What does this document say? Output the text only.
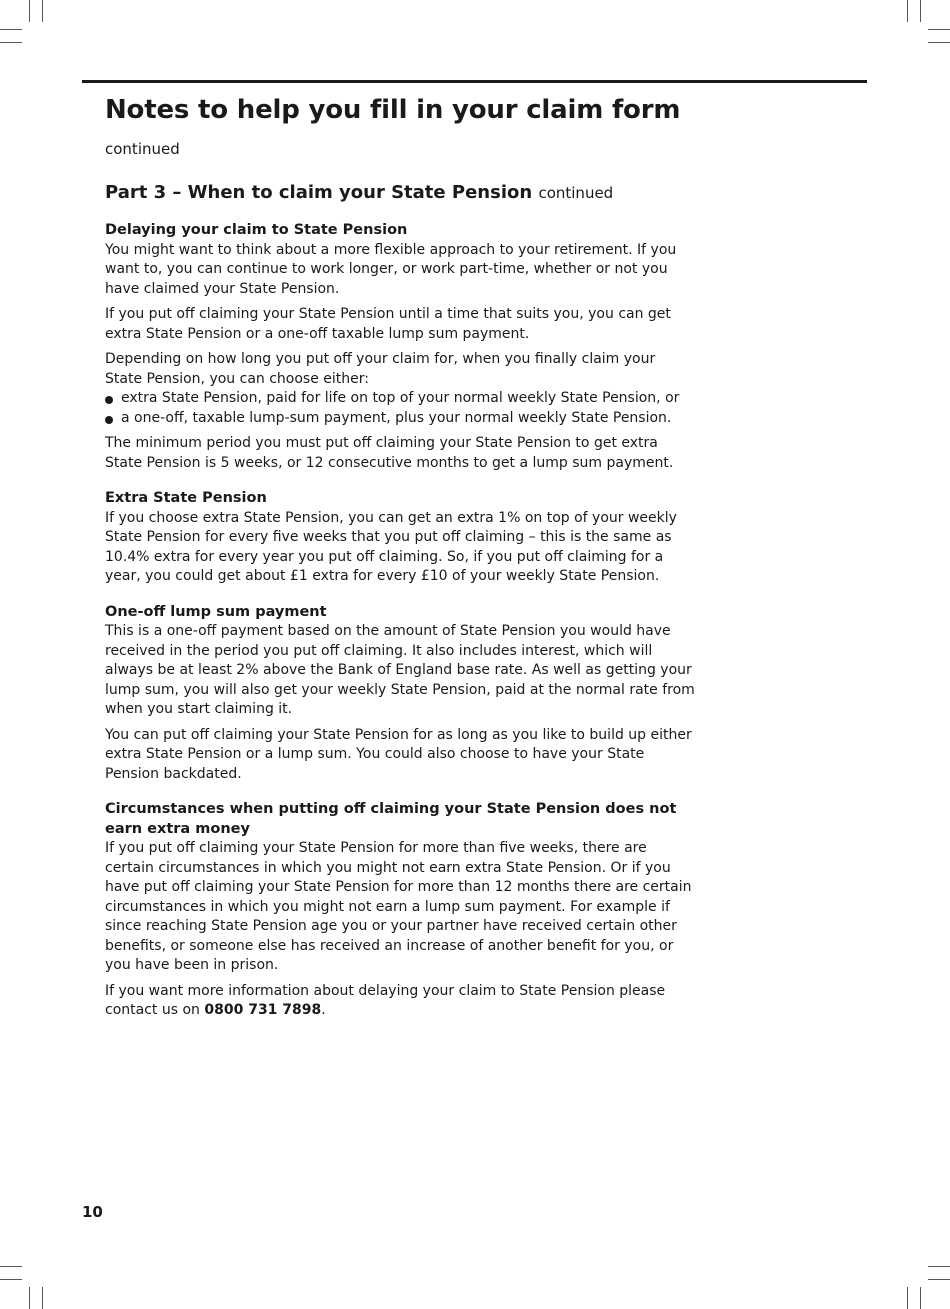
Notes to help you fill in your claim form continued
Part 3 – When to claim your State Pension continued
Delaying your claim to State Pension

You might want to think about a more flexible approach to your retirement. If you want to, you can continue to work longer, or work part-time, whether or not you have claimed your State Pension.

If you put off claiming your State Pension until a time that suits you, you can get extra State Pension or a one-off taxable lump sum payment.

Depending on how long you put off your claim for, when you finally claim your State Pension, you can choose either:

extra State Pension, paid for life on top of your normal weekly State Pension, or
a one-off, taxable lump-sum payment, plus your normal weekly State Pension.

The minimum period you must put off claiming your State Pension to get extra State Pension is 5 weeks, or 12 consecutive months to get a lump sum payment.

Extra State Pension

If you choose extra State Pension, you can get an extra 1% on top of your weekly State Pension for every five weeks that you put off claiming – this is the same as 10.4% extra for every year you put off claiming. So, if you put off claiming for a year, you could get about £1 extra for every £10 of your weekly State Pension.

One-off lump sum payment

This is a one-off payment based on the amount of State Pension you would have received in the period you put off claiming. It also includes interest, which will always be at least 2% above the Bank of England base rate. As well as getting your lump sum, you will also get your weekly State Pension, paid at the normal rate from when you start claiming it.

You can put off claiming your State Pension for as long as you like to build up either extra State Pension or a lump sum. You could also choose to have your State Pension backdated.

Circumstances when putting off claiming your State Pension does not earn extra money

If you put off claiming your State Pension for more than five weeks, there are certain circumstances in which you might not earn extra State Pension. Or if you have put off claiming your State Pension for more than 12 months there are certain circumstances in which you might not earn a lump sum payment. For example if since reaching State Pension age you or your partner have received certain other benefits, or someone else has received an increase of another benefit for you, or you have been in prison.

If you want more information about delaying your claim to State Pension please contact us on 0800 731 7898.

10
